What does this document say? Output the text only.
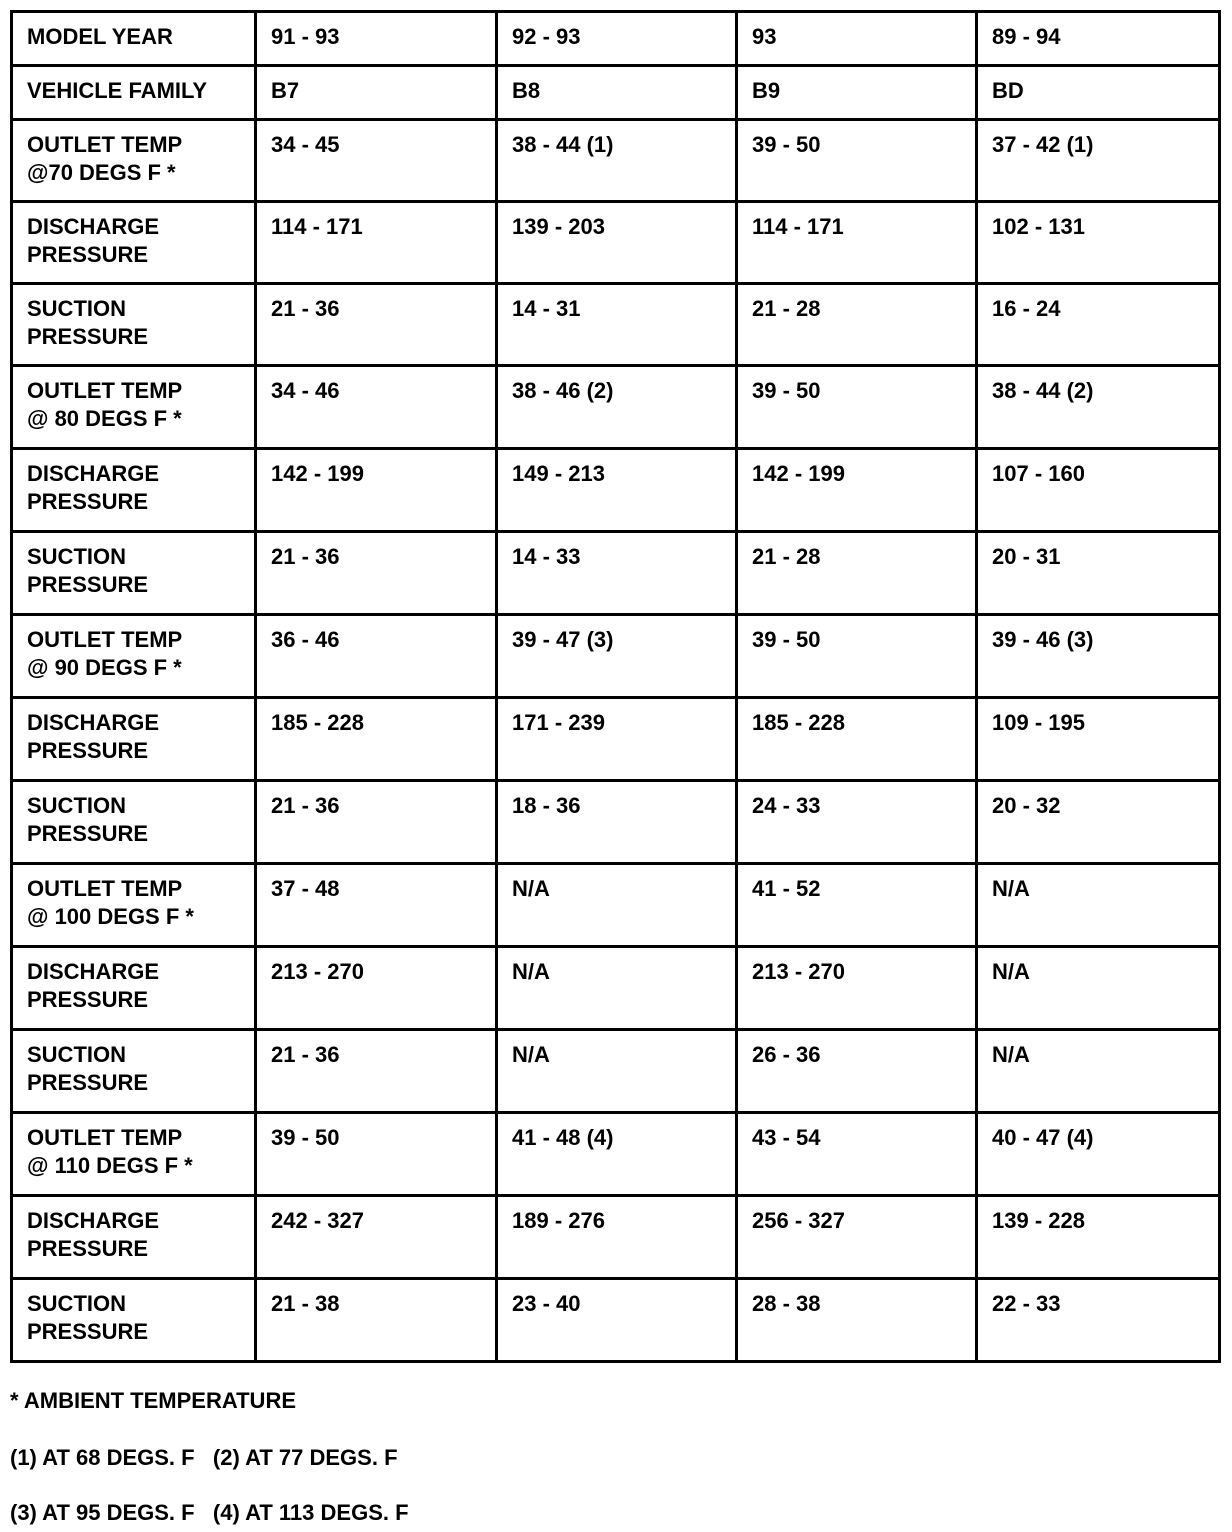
MODEL YEAR	91 - 93	92 - 93	93	89 - 94
VEHICLE FAMILY	B7	B8	B9	BD
OUTLET TEMP
@70 DEGS F *	34 - 45	38 - 44 (1)	39 - 50	37 - 42 (1)
DISCHARGE
PRESSURE	114 - 171	139 - 203	114 - 171	102 - 131
SUCTION
PRESSURE	21 - 36	14 - 31	21 - 28	16 - 24
OUTLET TEMP
@ 80 DEGS F *	34 - 46	38 - 46 (2)	39 - 50	38 - 44 (2)
DISCHARGE
PRESSURE	142 - 199	149 - 213	142 - 199	107 - 160
SUCTION
PRESSURE	21 - 36	14 - 33	21 - 28	20 - 31
OUTLET TEMP
@ 90 DEGS F *	36 - 46	39 - 47 (3)	39 - 50	39 - 46 (3)
DISCHARGE
PRESSURE	185 - 228	171 - 239	185 - 228	109 - 195
SUCTION
PRESSURE	21 - 36	18 - 36	24 - 33	20 - 32
OUTLET TEMP
@ 100 DEGS F *	37 - 48	N/A	41 - 52	N/A
DISCHARGE
PRESSURE	213 - 270	N/A	213 - 270	N/A
SUCTION
PRESSURE	21 - 36	N/A	26 - 36	N/A
OUTLET TEMP
@ 110 DEGS F *	39 - 50	41 - 48 (4)	43 - 54	40 - 47 (4)
DISCHARGE
PRESSURE	242 - 327	189 - 276	256 - 327	139 - 228
SUCTION
PRESSURE	21 - 38	23 - 40	28 - 38	22 - 33
* AMBIENT TEMPERATURE
(1) AT 68 DEGS. F   (2) AT 77 DEGS. F
(3) AT 95 DEGS. F   (4) AT 113 DEGS. F
